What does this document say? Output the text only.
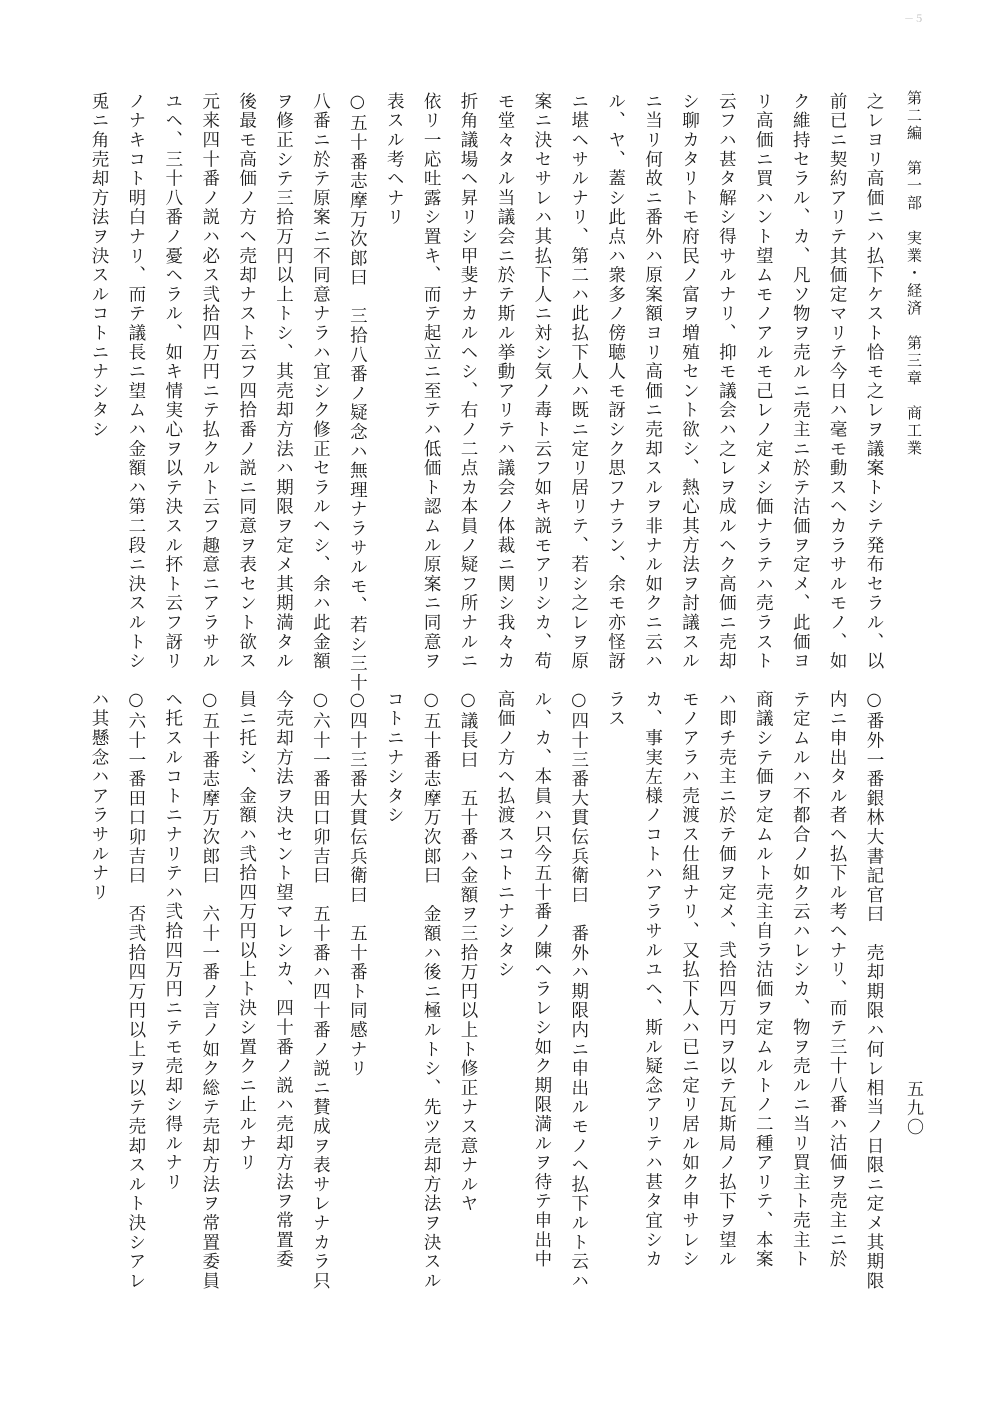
－５
第二編　第一部　実業・経済　第三章　商工業
五九〇
之レヨリ高価ニハ払下ケスト恰モ之レヲ議案トシテ発布セラル、以
前已ニ契約アリテ其価定マリテ今日ハ毫モ動スヘカラサルモノ、如
ク維持セラル、カ、凡ソ物ヲ売ルニ売主ニ於テ沽価ヲ定メ、此価ヨ
リ高価ニ買ハント望ムモノアルモ己レノ定メシ価ナラテハ売ラスト
云フハ甚タ解シ得サルナリ、抑モ議会ハ之レヲ成ルヘク高価ニ売却
シ聊カタリトモ府民ノ富ヲ増殖セント欲シ、熱心其方法ヲ討議スル
ニ当リ何故ニ番外ハ原案額ヨリ高価ニ売却スルヲ非ナル如クニ云ハ
ル、ヤ、蓋シ此点ハ衆多ノ傍聴人モ訝シク思フナラン、余モ亦怪訝
ニ堪ヘサルナリ、第二ハ此払下人ハ既ニ定リ居リテ、若シ之レヲ原
案ニ決セサレハ其払下人ニ対シ気ノ毒ト云フ如キ説モアリシカ、苟
モ堂々タル当議会ニ於テ斯ル挙動アリテハ議会ノ体裁ニ関シ我々カ
折角議場ヘ昇リシ甲斐ナカルヘシ、右ノ二点カ本員ノ疑フ所ナルニ
依リ一応吐露シ置キ、而テ起立ニ至テハ低価ト認ムル原案ニ同意ヲ
表スル考ヘナリ
○五十番志摩万次郎曰　三拾八番ノ疑念ハ無理ナラサルモ、若シ三十
八番ニ於テ原案ニ不同意ナラハ宜シク修正セラルヘシ、余ハ此金額
ヲ修正シテ三拾万円以上トシ、其売却方法ハ期限ヲ定メ其期満タル
後最モ高価ノ方ヘ売却ナスト云フ四拾番ノ説ニ同意ヲ表セント欲ス
元来四十番ノ説ハ必ス弐拾四万円ニテ払クルト云フ趣意ニアラサル
ユヘ、三十八番ノ憂ヘラル、如キ情実心ヲ以テ決スル抔ト云フ訝リ
ノナキコト明白ナリ、而テ議長ニ望ムハ金額ハ第二段ニ決スルトシ
兎ニ角売却方法ヲ決スルコトニナシタシ
○番外一番銀林大書記官曰　売却期限ハ何レ相当ノ日限ニ定メ其期限
内ニ申出タル者ヘ払下ル考ヘナリ、而テ三十八番ハ沽価ヲ売主ニ於
テ定ムルハ不都合ノ如ク云ハレシカ、物ヲ売ルニ当リ買主ト売主ト
商議シテ価ヲ定ムルト売主自ラ沽価ヲ定ムルトノ二種アリテ、本案
ハ即チ売主ニ於テ価ヲ定メ、弐拾四万円ヲ以テ瓦斯局ノ払下ヲ望ル
モノアラハ売渡ス仕組ナリ、又払下人ハ已ニ定リ居ル如ク申サレシ
カ、事実左様ノコトハアラサルユヘ、斯ル疑念アリテハ甚タ宜シカ
ラス
○四十三番大貫伝兵衛曰　番外ハ期限内ニ申出ルモノヘ払下ルト云ハ
ル、カ、本員ハ只今五十番ノ陳ヘラレシ如ク期限満ルヲ待テ申出中
高価ノ方ヘ払渡スコトニナシタシ
○議長曰　五十番ハ金額ヲ三拾万円以上ト修正ナス意ナルヤ
○五十番志摩万次郎曰　金額ハ後ニ極ルトシ、先ツ売却方法ヲ決スル
コトニナシタシ
○四十三番大貫伝兵衛曰　五十番ト同感ナリ
○六十一番田口卯吉曰　五十番ハ四十番ノ説ニ賛成ヲ表サレナカラ只
今売却方法ヲ決セント望マレシカ、四十番ノ説ハ売却方法ヲ常置委
員ニ托シ、金額ハ弐拾四万円以上ト決シ置クニ止ルナリ
○五十番志摩万次郎曰　六十一番ノ言ノ如ク総テ売却方法ヲ常置委員
ヘ托スルコトニナリテハ弐拾四万円ニテモ売却シ得ルナリ
○六十一番田口卯吉曰　否弐拾四万円以上ヲ以テ売却スルト決シアレ
ハ其懸念ハアラサルナリ
